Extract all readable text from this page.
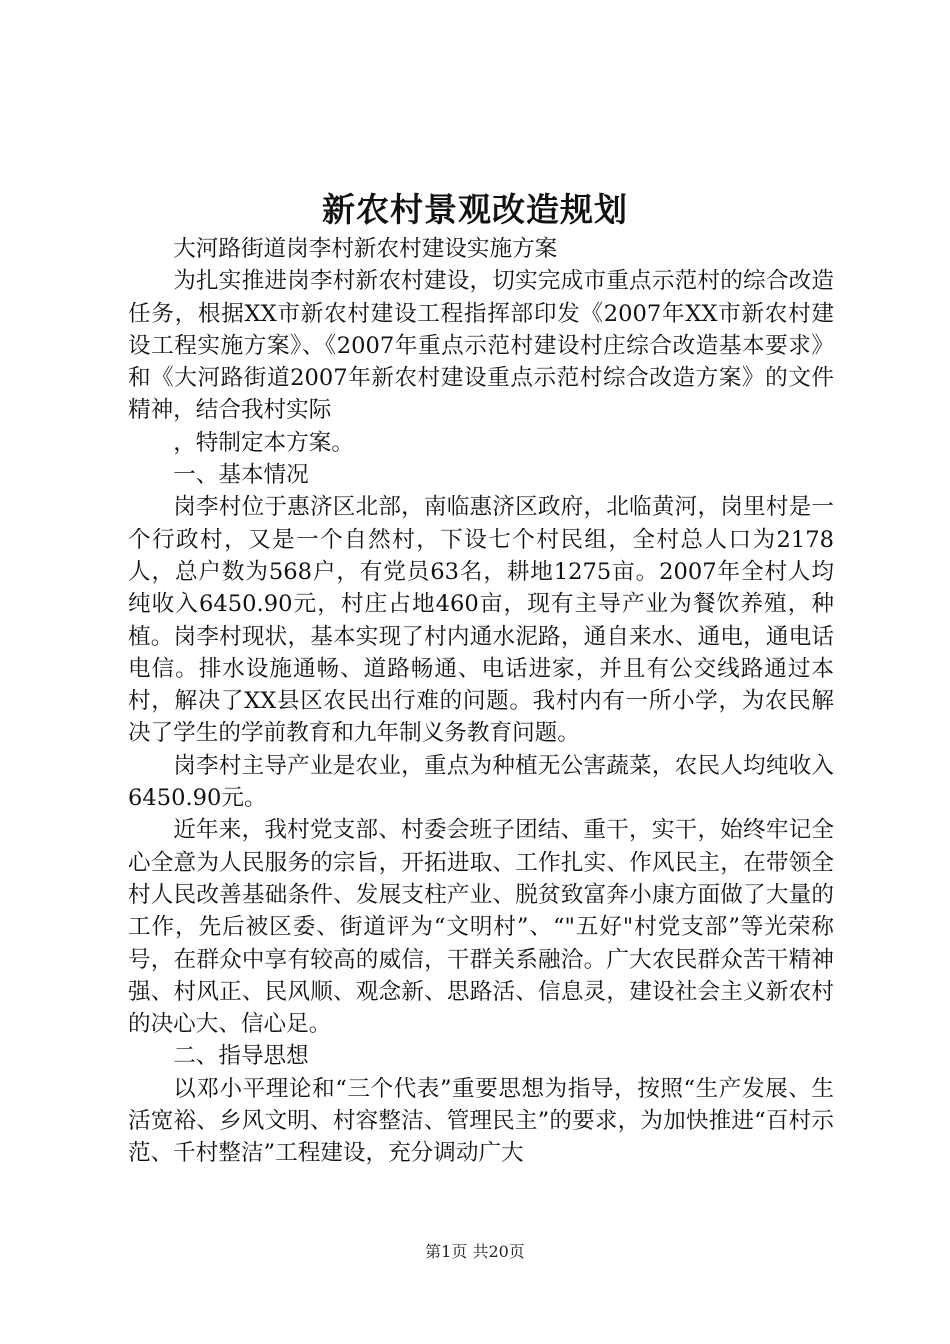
新农村景观改造规划

大河路街道岗李村新农村建设实施方案

为扎实推进岗李村新农村建设，切实完成市重点示范村的综合改造任务，根据XX市新农村建设工程指挥部印发《2007年XX市新农村建设工程实施方案》、《2007年重点示范村建设村庄综合改造基本要求》和《大河路街道2007年新农村建设重点示范村综合改造方案》的文件精神，结合我村实际

，特制定本方案。

一、基本情况

岗李村位于惠济区北部，南临惠济区政府，北临黄河，岗里村是一个行政村，又是一个自然村，下设七个村民组，全村总人口为2178人，总户数为568户，有党员63名，耕地1275亩。2007年全村人均纯收入6450.90元，村庄占地460亩，现有主导产业为餐饮养殖，种植。岗李村现状，基本实现了村内通水泥路，通自来水、通电，通电话电信。排水设施通畅、道路畅通、电话进家，并且有公交线路通过本村，解决了XX县区农民出行难的问题。我村内有一所小学，为农民解决了学生的学前教育和九年制义务教育问题。

岗李村主导产业是农业，重点为种植无公害蔬菜，农民人均纯收入6450.90元。

近年来，我村党支部、村委会班子团结、重干，实干，始终牢记全心全意为人民服务的宗旨，开拓进取、工作扎实、作风民主，在带领全村人民改善基础条件、发展支柱产业、脱贫致富奔小康方面做了大量的工作，先后被区委、街道评为“文明村”、“"五好"村党支部”等光荣称号，在群众中享有较高的威信，干群关系融洽。广大农民群众苦干精神强、村风正、民风顺、观念新、思路活、信息灵，建设社会主义新农村的决心大、信心足。

二、指导思想

以邓小平理论和“三个代表”重要思想为指导，按照“生产发展、生活宽裕、乡风文明、村容整洁、管理民主”的要求，为加快推进“百村示范、千村整洁”工程建设，充分调动广大

第1页 共20页
